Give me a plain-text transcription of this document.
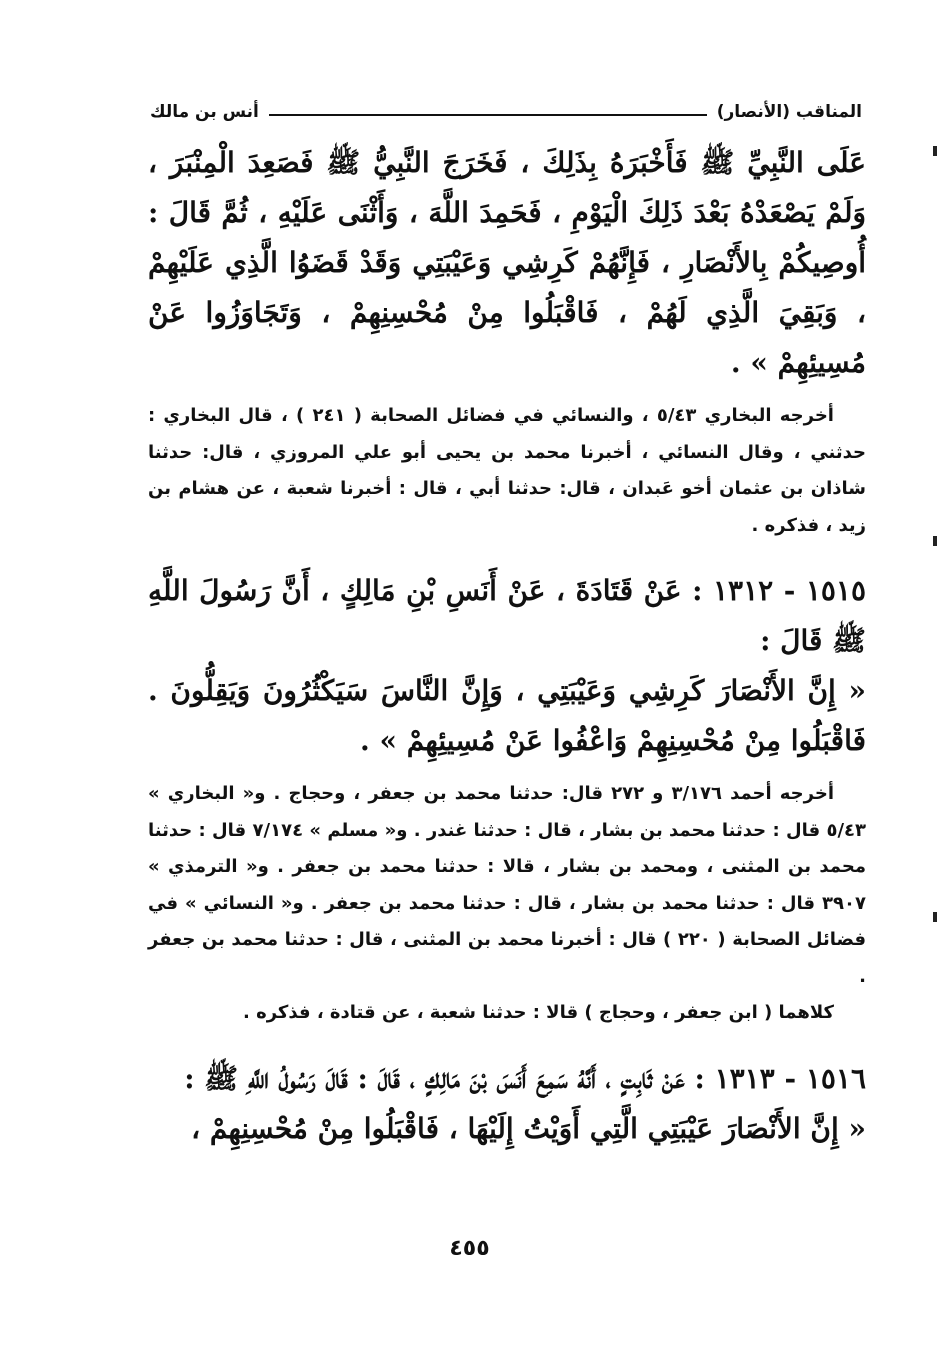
المناقب (الأنصار)
أنس بن مالك

عَلَى النَّبِيِّ ﷺ فَأَخْبَرَهُ بِذَلِكَ ، فَخَرَجَ النَّبِيُّ ﷺ فَصَعِدَ الْمِنْبَرَ ، وَلَمْ يَصْعَدْهُ بَعْدَ ذَلِكَ الْيَوْمِ ، فَحَمِدَ اللَّهَ ، وَأَثْنَى عَلَيْهِ ، ثُمَّ قَالَ : أُوصِيكُمْ بِالأَنْصَارِ ، فَإِنَّهُمْ كَرِشِي وَعَيْبَتِي وَقَدْ قَضَوُا الَّذِي عَلَيْهِمْ ، وَبَقِيَ الَّذِي لَهُمْ ، فَاقْبَلُوا مِنْ مُحْسِنِهِمْ ، وَتَجَاوَزُوا عَنْ مُسِيئِهِمْ » .

أخرجه البخاري ٥/٤٣ ، والنسائي في فضائل الصحابة ( ٢٤١ ) ، قال البخاري : حدثني ، وقال النسائي ، أخبرنا محمد بن يحيى أبو علي المروزي ، قال: حدثنا شاذان بن عثمان أخو عَبدان ، قال: حدثنا أبي ، قال : أخبرنا شعبة ، عن هشام بن زيد ، فذكره .

١٥١٥ - ١٣١٢ : عَنْ قَتَادَةَ ، عَنْ أَنَسِ بْنِ مَالِكٍ ، أَنَّ رَسُولَ اللَّهِ ﷺ قَالَ :

« إِنَّ الأَنْصَارَ كَرِشِي وَعَيْبَتِي ، وَإِنَّ النَّاسَ سَيَكْثُرُونَ وَيَقِلُّونَ . فَاقْبَلُوا مِنْ مُحْسِنِهِمْ وَاعْفُوا عَنْ مُسِيئِهِمْ » .

أخرجه أحمد ٣/١٧٦ و ٢٧٢ قال: حدثنا محمد بن جعفر ، وحجاج . و« البخاري » ٥/٤٣ قال : حدثنا محمد بن بشار ، قال : حدثنا غندر . و« مسلم » ٧/١٧٤ قال : حدثنا محمد بن المثنى ، ومحمد بن بشار ، قالا : حدثنا محمد بن جعفر . و« الترمذي » ٣٩٠٧ قال : حدثنا محمد بن بشار ، قال : حدثنا محمد بن جعفر . و« النسائي » في فضائل الصحابة ( ٢٢٠ ) قال : أخبرنا محمد بن المثنى ، قال : حدثنا محمد بن جعفر .

كلاهما ( ابن جعفر ، وحجاج ) قالا : حدثنا شعبة ، عن قتادة ، فذكره .

١٥١٦ - ١٣١٣ : عَنْ ثَابِتٍ ، أَنَّهُ سَمِعَ أَنَسَ بْنَ مَالِكٍ ، قَالَ : قَالَ رَسُولُ اللَّهِ ﷺ :

« إِنَّ الأَنْصَارَ عَيْبَتِي الَّتِي أَوَيْتُ إِلَيْهَا ، فَاقْبَلُوا مِنْ مُحْسِنِهِمْ ،

٤٥٥
